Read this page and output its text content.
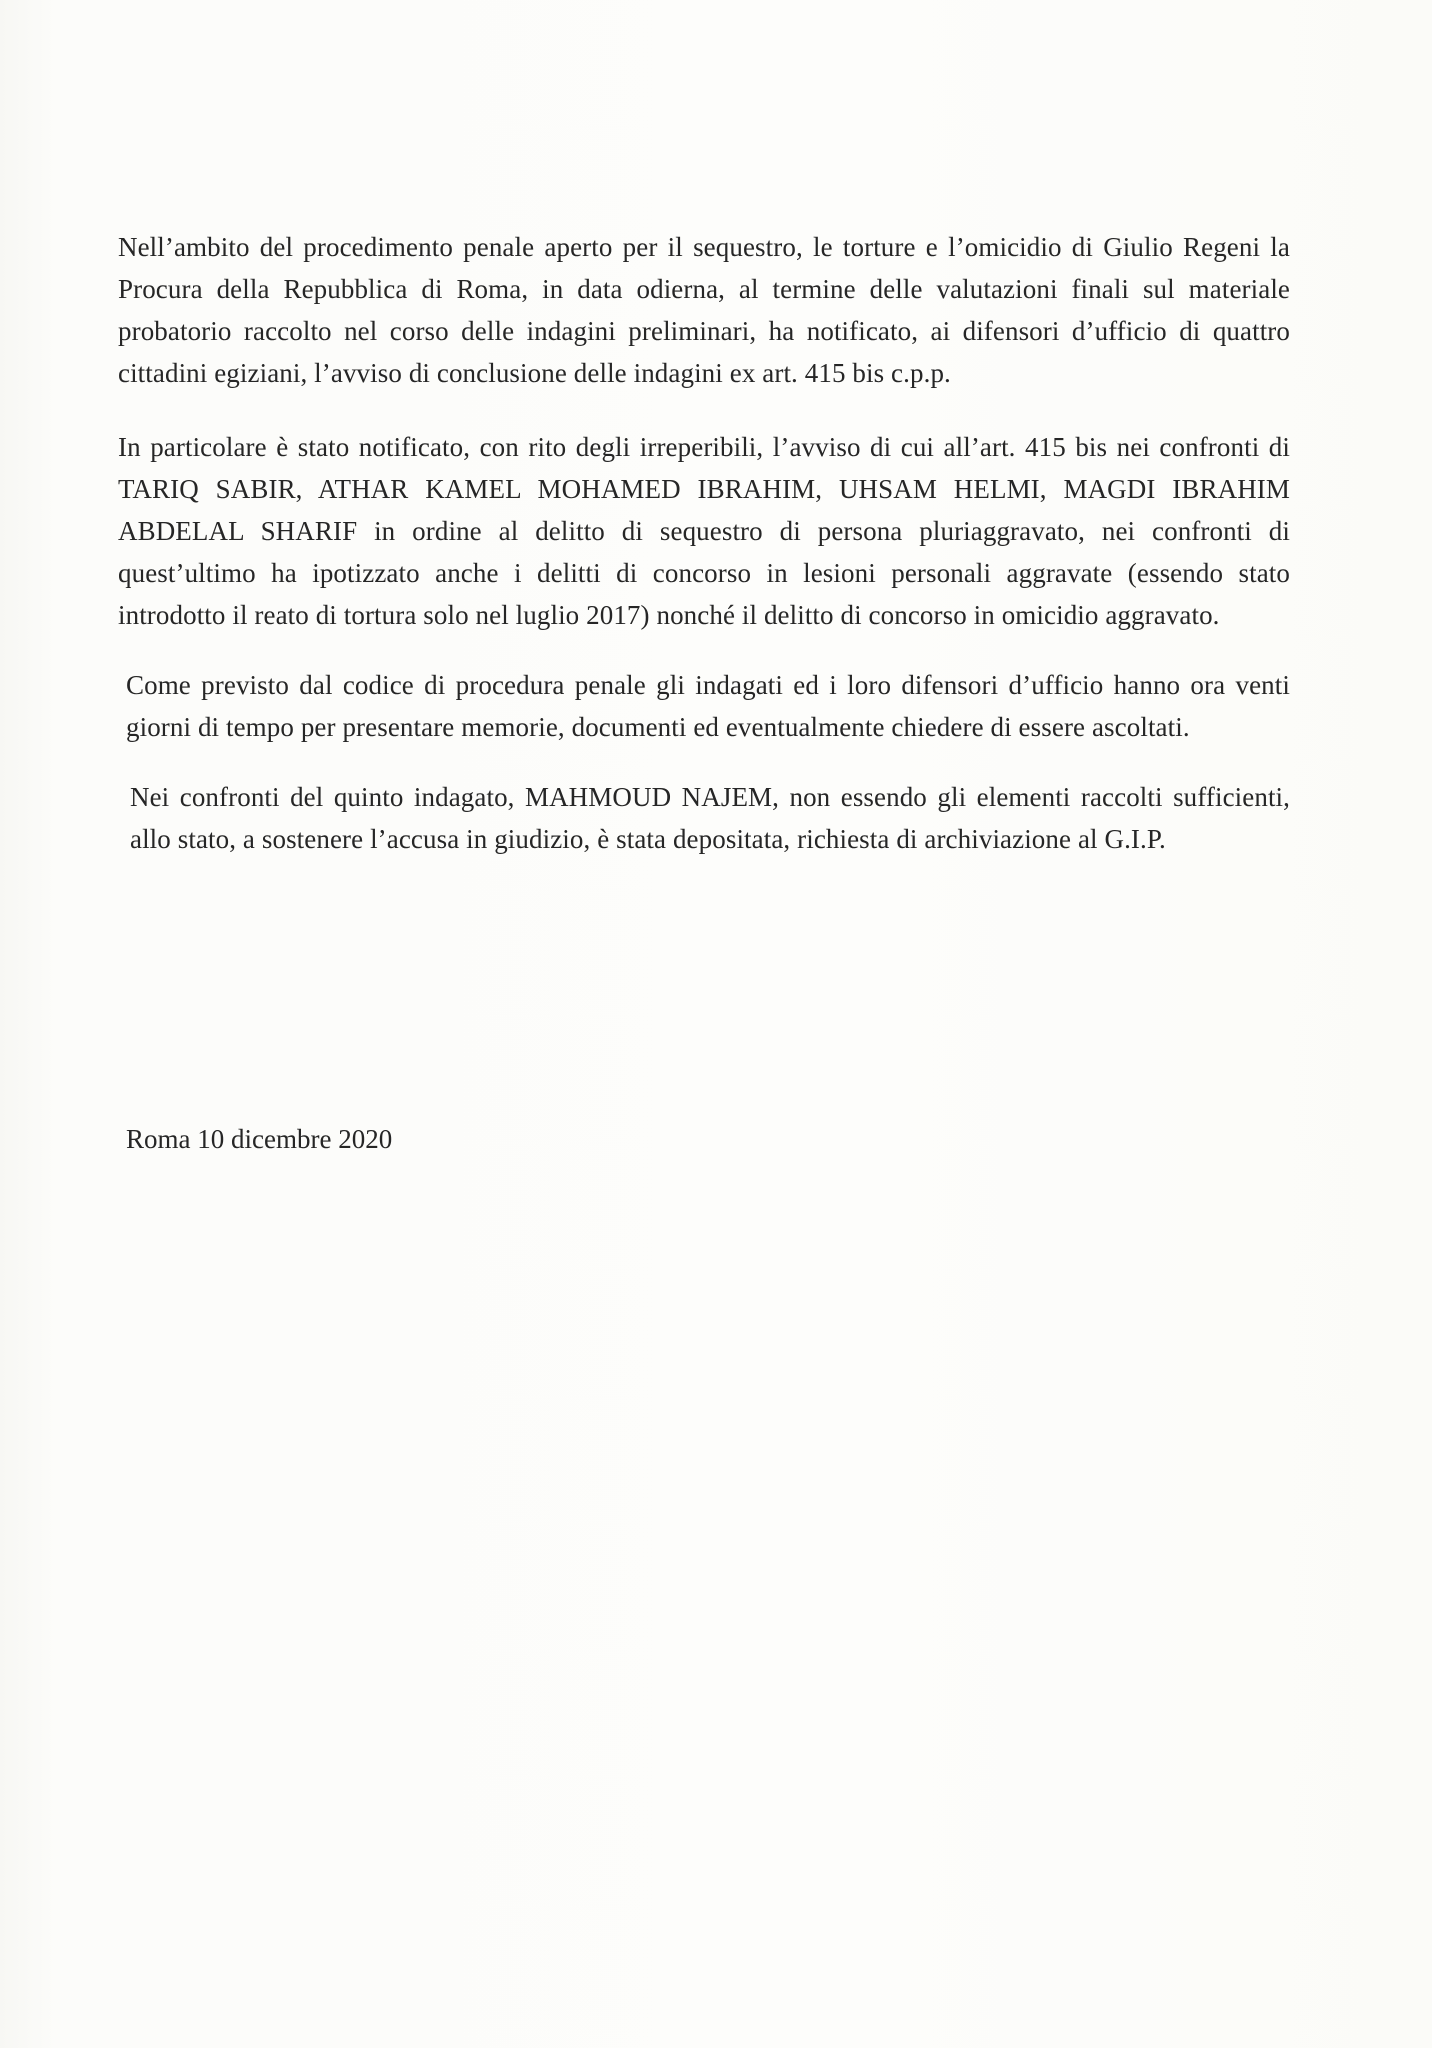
Nell’ambito del procedimento penale aperto per il sequestro, le torture e l’omicidio di Giulio Regeni la Procura della Repubblica di Roma, in data odierna, al termine delle valutazioni finali sul materiale probatorio raccolto nel corso delle indagini preliminari, ha notificato, ai difensori d’ufficio di quattro cittadini egiziani, l’avviso di conclusione delle indagini ex art. 415 bis c.p.p.

In particolare è stato notificato, con rito degli irreperibili, l’avviso di cui all’art. 415 bis nei confronti di TARIQ SABIR, ATHAR KAMEL MOHAMED IBRAHIM, UHSAM HELMI, MAGDI IBRAHIM ABDELAL SHARIF in ordine al delitto di sequestro di persona pluriaggravato, nei confronti di quest’ultimo ha ipotizzato anche i delitti di concorso in lesioni personali aggravate (essendo stato introdotto il reato di tortura solo nel luglio 2017) nonché il delitto di concorso in omicidio aggravato.

Come previsto dal codice di procedura penale gli indagati ed i loro difensori d’ufficio hanno ora venti giorni di tempo per presentare memorie, documenti ed eventualmente chiedere di essere ascoltati.

Nei confronti del quinto indagato, MAHMOUD NAJEM, non essendo gli elementi raccolti sufficienti, allo stato, a sostenere l’accusa in giudizio, è stata depositata, richiesta di archiviazione al G.I.P.

Roma 10 dicembre 2020
